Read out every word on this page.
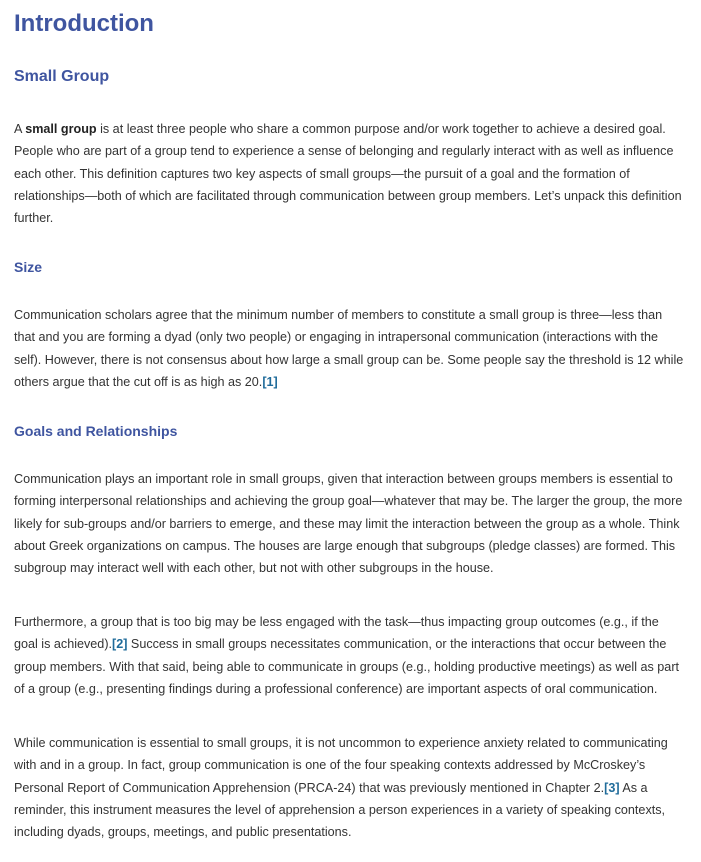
Introduction
Small Group

A small group is at least three people who share a common purpose and/or work together to achieve a desired goal. People who are part of a group tend to experience a sense of belonging and regularly interact with as well as influence each other. This definition captures two key aspects of small groups—the pursuit of a goal and the formation of relationships—both of which are facilitated through communication between group members. Let’s unpack this definition further.

Size

Communication scholars agree that the minimum number of members to constitute a small group is three—less than that and you are forming a dyad (only two people) or engaging in intrapersonal communication (interactions with the self). However, there is not consensus about how large a small group can be. Some people say the threshold is 12 while others argue that the cut off is as high as 20.[1]

Goals and Relationships

Communication plays an important role in small groups, given that interaction between groups members is essential to forming interpersonal relationships and achieving the group goal—whatever that may be. The larger the group, the more likely for sub-groups and/or barriers to emerge, and these may limit the interaction between the group as a whole. Think about Greek organizations on campus. The houses are large enough that subgroups (pledge classes) are formed. This subgroup may interact well with each other, but not with other subgroups in the house.

Furthermore, a group that is too big may be less engaged with the task—thus impacting group outcomes (e.g., if the goal is achieved).[2] Success in small groups necessitates communication, or the interactions that occur between the group members. With that said, being able to communicate in groups (e.g., holding productive meetings) as well as part of a group (e.g., presenting findings during a professional conference) are important aspects of oral communication.

While communication is essential to small groups, it is not uncommon to experience anxiety related to communicating with and in a group. In fact, group communication is one of the four speaking contexts addressed by McCroskey’s Personal Report of Communication Apprehension (PRCA-24) that was previously mentioned in Chapter 2.[3] As a reminder, this instrument measures the level of apprehension a person experiences in a variety of speaking contexts, including dyads, groups, meetings, and public presentations.
